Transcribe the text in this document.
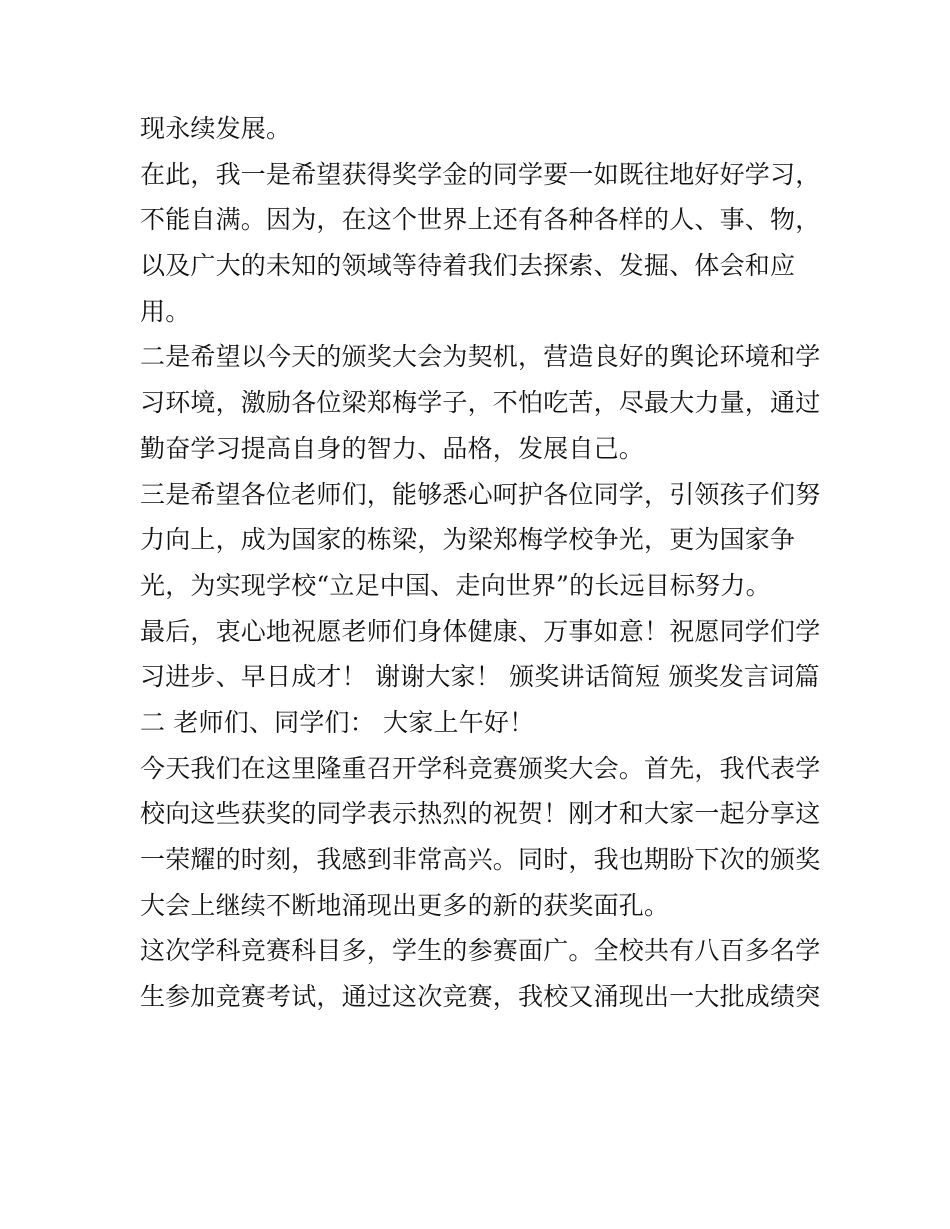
现永续发展。
在此，我一是希望获得奖学金的同学要一如既往地好好学习，
不能自满。因为，在这个世界上还有各种各样的人、事、物，
以及广大的未知的领域等待着我们去探索、发掘、体会和应
用。
二是希望以今天的颁奖大会为契机，营造良好的舆论环境和学
习环境，激励各位梁郑梅学子，不怕吃苦，尽最大力量，通过
勤奋学习提高自身的智力、品格，发展自己。
三是希望各位老师们，能够悉心呵护各位同学，引领孩子们努
力向上，成为国家的栋梁，为梁郑梅学校争光，更为国家争
光，为实现学校“立足中国、走向世界”的长远目标努力。
最后，衷心地祝愿老师们身体健康、万事如意！祝愿同学们学
习进步、早日成才！ 谢谢大家！ 颁奖讲话简短 颁奖发言词篇
二 老师们、同学们： 大家上午好！
今天我们在这里隆重召开学科竞赛颁奖大会。首先，我代表学
校向这些获奖的同学表示热烈的祝贺！刚才和大家一起分享这
一荣耀的时刻，我感到非常高兴。同时，我也期盼下次的颁奖
大会上继续不断地涌现出更多的新的获奖面孔。
这次学科竞赛科目多，学生的参赛面广。全校共有八百多名学
生参加竞赛考试，通过这次竞赛，我校又涌现出一大批成绩突
